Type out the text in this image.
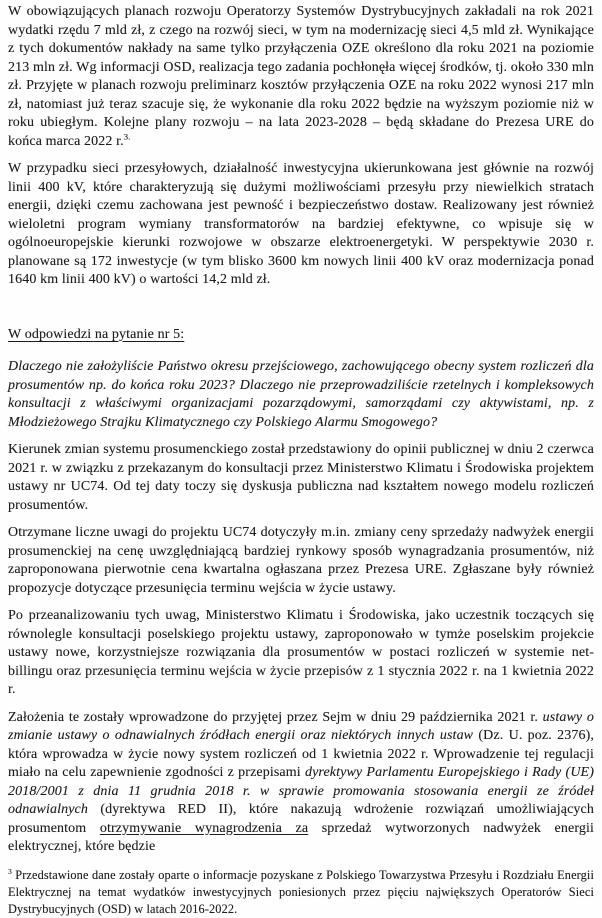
W obowiązujących planach rozwoju Operatorzy Systemów Dystrybucyjnych zakładali na rok 2021 wydatki rzędu 7 mld zł, z czego na rozwój sieci, w tym na modernizację sieci 4,5 mld zł. Wynikające z tych dokumentów nakłady na same tylko przyłączenia OZE określono dla roku 2021 na poziomie 213 mln zł. Wg informacji OSD, realizacja tego zadania pochłonęła więcej środków, tj. około 330 mln zł. Przyjęte w planach rozwoju preliminarz kosztów przyłączenia OZE na roku 2022 wynosi 217 mln zł, natomiast już teraz szacuje się, że wykonanie dla roku 2022 będzie na wyższym poziomie niż w roku ubiegłym. Kolejne plany rozwoju – na lata 2023-2028 – będą składane do Prezesa URE do końca marca 2022 r.$^{3.}$

W przypadku sieci przesyłowych, działalność inwestycyjna ukierunkowana jest głównie na rozwój linii 400 kV, które charakteryzują się dużymi możliwościami przesyłu przy niewielkich stratach energii, dzięki czemu zachowana jest pewność i bezpieczeństwo dostaw. Realizowany jest również wieloletni program wymiany transformatorów na bardziej efektywne, co wpisuje się w ogólnoeuropejskie kierunki rozwojowe w obszarze elektroenergetyki. W perspektywie 2030 r. planowane są 172 inwestycje (w tym blisko 3600 km nowych linii 400 kV oraz modernizacja ponad 1640 km linii 400 kV) o wartości 14,2 mld zł.

W odpowiedzi na pytanie nr 5:

Dlaczego nie założyliście Państwo okresu przejściowego, zachowującego obecny system rozliczeń dla prosumentów np. do końca roku 2023? Dlaczego nie przeprowadziliście rzetelnych i kompleksowych konsultacji z właściwymi organizacjami pozarządowymi, samorządami czy aktywistami, np. z Młodzieżowego Strajku Klimatycznego czy Polskiego Alarmu Smogowego?

Kierunek zmian systemu prosumenckiego został przedstawiony do opinii publicznej w dniu 2 czerwca 2021 r. w związku z przekazanym do konsultacji przez Ministerstwo Klimatu i Środowiska projektem ustawy nr UC74. Od tej daty toczy się dyskusja publiczna nad kształtem nowego modelu rozliczeń prosumentów.

Otrzymane liczne uwagi do projektu UC74 dotyczyły m.in. zmiany ceny sprzedaży nadwyżek energii prosumenckiej na cenę uwzględniającą bardziej rynkowy sposób wynagradzania prosumentów, niż zaproponowana pierwotnie cena kwartalna ogłaszana przez Prezesa URE. Zgłaszane były również propozycje dotyczące przesunięcia terminu wejścia w życie ustawy.

Po przeanalizowaniu tych uwag, Ministerstwo Klimatu i Środowiska, jako uczestnik toczących się równolegle konsultacji poselskiego projektu ustawy, zaproponowało w tymże poselskim projekcie ustawy nowe, korzystniejsze rozwiązania dla prosumentów w postaci rozliczeń w systemie net-billingu oraz przesunięcia terminu wejścia w życie przepisów z 1 stycznia 2022 r. na 1 kwietnia 2022 r.

Założenia te zostały wprowadzone do przyjętej przez Sejm w dniu 29 października 2021 r. ustawy o zmianie ustawy o odnawialnych źródłach energii oraz niektórych innych ustaw (Dz. U. poz. 2376), która wprowadza w życie nowy system rozliczeń od 1 kwietnia 2022 r. Wprowadzenie tej regulacji miało na celu zapewnienie zgodności z przepisami dyrektywy Parlamentu Europejskiego i Rady (UE) 2018/2001 z dnia 11 grudnia 2018 r. w sprawie promowania stosowania energii ze źródeł odnawialnych (dyrektywa RED II), które nakazują wdrożenie rozwiązań umożliwiających prosumentom otrzymywanie wynagrodzenia za sprzedaż wytworzonych nadwyżek energii elektrycznej, które będzie

$^3$ Przedstawione dane zostały oparte o informacje pozyskane z Polskiego Towarzystwa Przesyłu i Rozdziału Energii Elektrycznej na temat wydatków inwestycyjnych poniesionych przez pięciu największych Operatorów Sieci Dystrybucyjnych (OSD) w latach 2016-2022.
